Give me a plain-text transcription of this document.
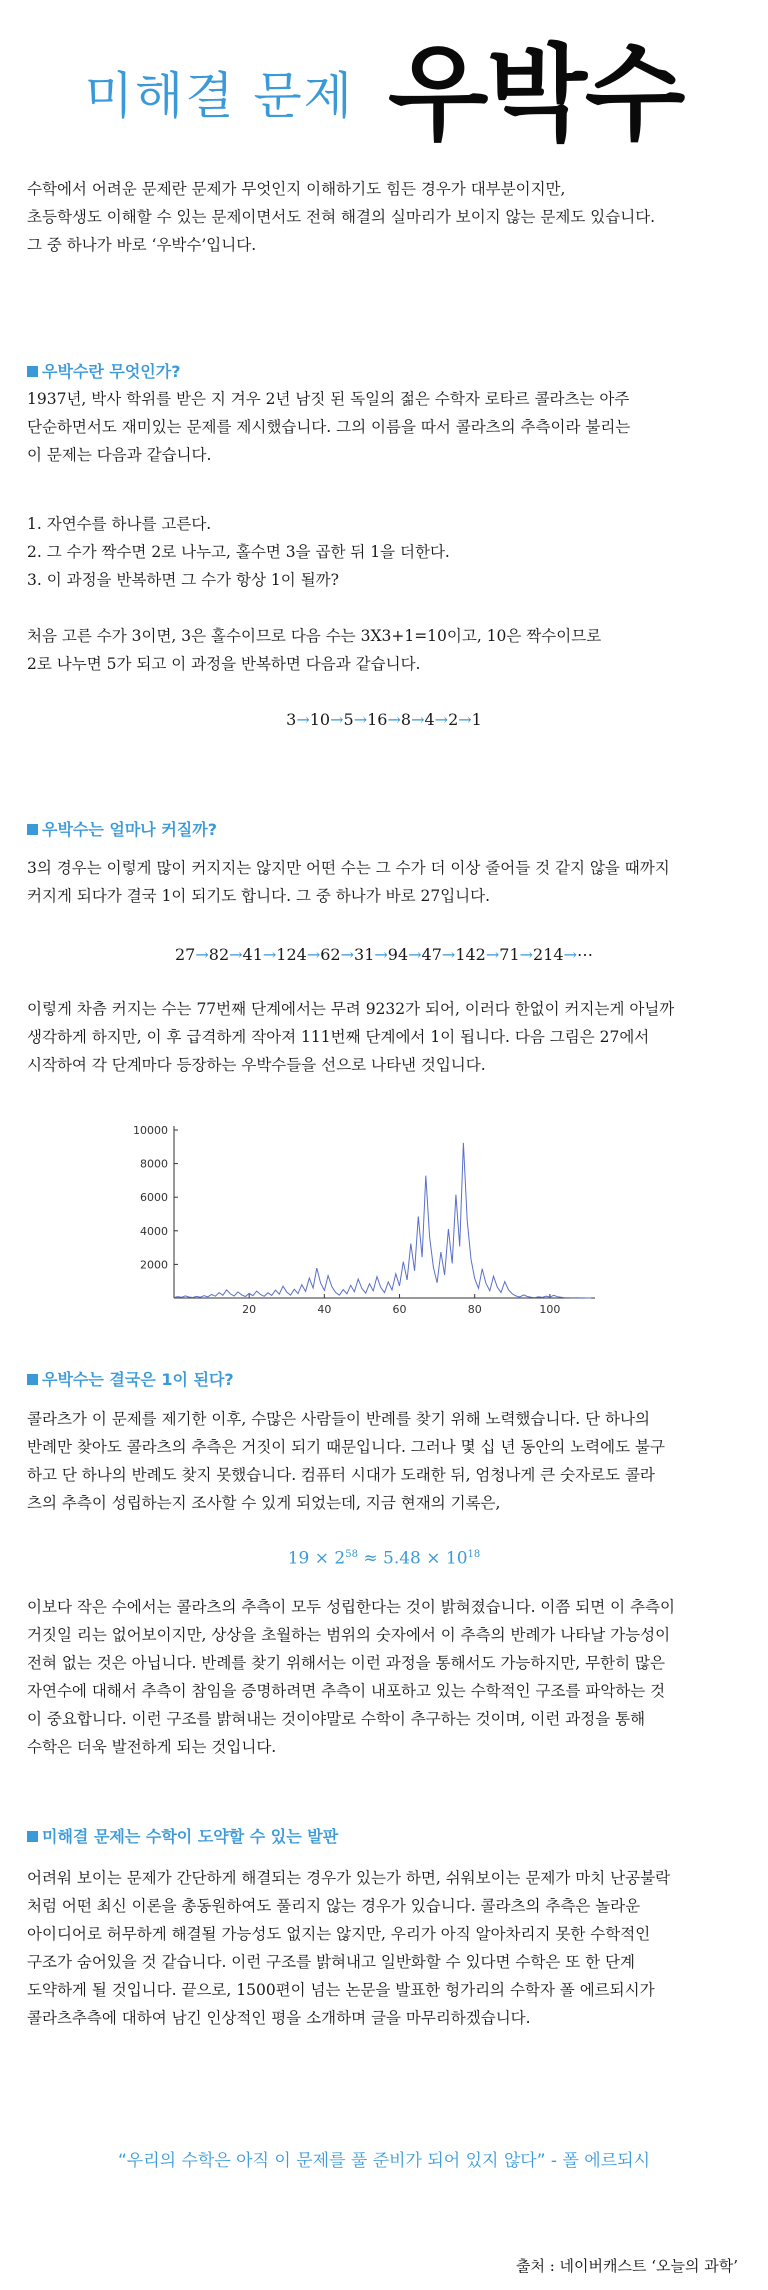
미해결 문제 우박수

수학에서 어려운 문제란 문제가 무엇인지 이해하기도 힘든 경우가 대부분이지만,
초등학생도 이해할 수 있는 문제이면서도 전혀 해결의 실마리가 보이지 않는 문제도 있습니다.
그 중 하나가 바로 ‘우박수’입니다.

우박수란 무엇인가?

1937년, 박사 학위를 받은 지 겨우 2년 남짓 된 독일의 젊은 수학자 로타르 콜라츠는 아주
단순하면서도 재미있는 문제를 제시했습니다. 그의 이름을 따서 콜라츠의 추측이라 불리는
이 문제는 다음과 같습니다.

1. 자연수를 하나를 고른다.
2. 그 수가 짝수면 2로 나누고, 홀수면 3을 곱한 뒤 1을 더한다.
3. 이 과정을 반복하면 그 수가 항상 1이 될까?

처음 고른 수가 3이면, 3은 홀수이므로 다음 수는 3X3+1=10이고, 10은 짝수이므로
2로 나누면 5가 되고 이 과정을 반복하면 다음과 같습니다.

3→10→5→16→8→4→2→1
우박수는 얼마나 커질까?

3의 경우는 이렇게 많이 커지지는 않지만 어떤 수는 그 수가 더 이상 줄어들 것 같지 않을 때까지
커지게 되다가 결국 1이 되기도 합니다. 그 중 하나가 바로 27입니다.

27→82→41→124→62→31→94→47→142→71→214→⋯

이렇게 차츰 커지는 수는 77번째 단계에서는 무려 9232가 되어, 이러다 한없이 커지는게 아닐까
생각하게 하지만, 이 후 급격하게 작아져 111번째 단계에서 1이 됩니다. 다음 그림은 27에서
시작하여 각 단계마다 등장하는 우박수들을 선으로 나타낸 것입니다.

2000
4000
6000
8000
10000
20	40	60	80	100
우박수는 결국은 1이 된다?

콜라츠가 이 문제를 제기한 이후, 수많은 사람들이 반례를 찾기 위해 노력했습니다. 단 하나의
반례만 찾아도 콜라츠의 추측은 거짓이 되기 때문입니다. 그러나 몇 십 년 동안의 노력에도 불구
하고 단 하나의 반례도 찾지 못했습니다. 컴퓨터 시대가 도래한 뒤, 엄청나게 큰 숫자로도 콜라
츠의 추측이 성립하는지 조사할 수 있게 되었는데, 지금 현재의 기록은,

$19 \times 2^{58} \approx 5.48 \times 10^{18}$

이보다 작은 수에서는 콜라츠의 추측이 모두 성립한다는 것이 밝혀졌습니다. 이쯤 되면 이 추측이
거짓일 리는 없어보이지만, 상상을 초월하는 범위의 숫자에서 이 추측의 반례가 나타날 가능성이
전혀 없는 것은 아닙니다. 반례를 찾기 위해서는 이런 과정을 통해서도 가능하지만, 무한히 많은
자연수에 대해서 추측이 참임을 증명하려면 추측이 내포하고 있는 수학적인 구조를 파악하는 것
이 중요합니다. 이런 구조를 밝혀내는 것이야말로 수학이 추구하는 것이며, 이런 과정을 통해
수학은 더욱 발전하게 되는 것입니다.

미해결 문제는 수학이 도약할 수 있는 발판

어려워 보이는 문제가 간단하게 해결되는 경우가 있는가 하면, 쉬워보이는 문제가 마치 난공불락
처럼 어떤 최신 이론을 총동원하여도 풀리지 않는 경우가 있습니다. 콜라츠의 추측은 놀라운
아이디어로 허무하게 해결될 가능성도 없지는 않지만, 우리가 아직 알아차리지 못한 수학적인
구조가 숨어있을 것 같습니다. 이런 구조를 밝혀내고 일반화할 수 있다면 수학은 또 한 단계
도약하게 될 것입니다. 끝으로, 1500편이 넘는 논문을 발표한 헝가리의 수학자 폴 에르되시가
콜라츠추측에 대하여 남긴 인상적인 평을 소개하며 글을 마무리하겠습니다.

“우리의 수학은 아직 이 문제를 풀 준비가 되어 있지 않다” - 폴 에르되시
출처 : 네이버캐스트 ‘오늘의 과학’
